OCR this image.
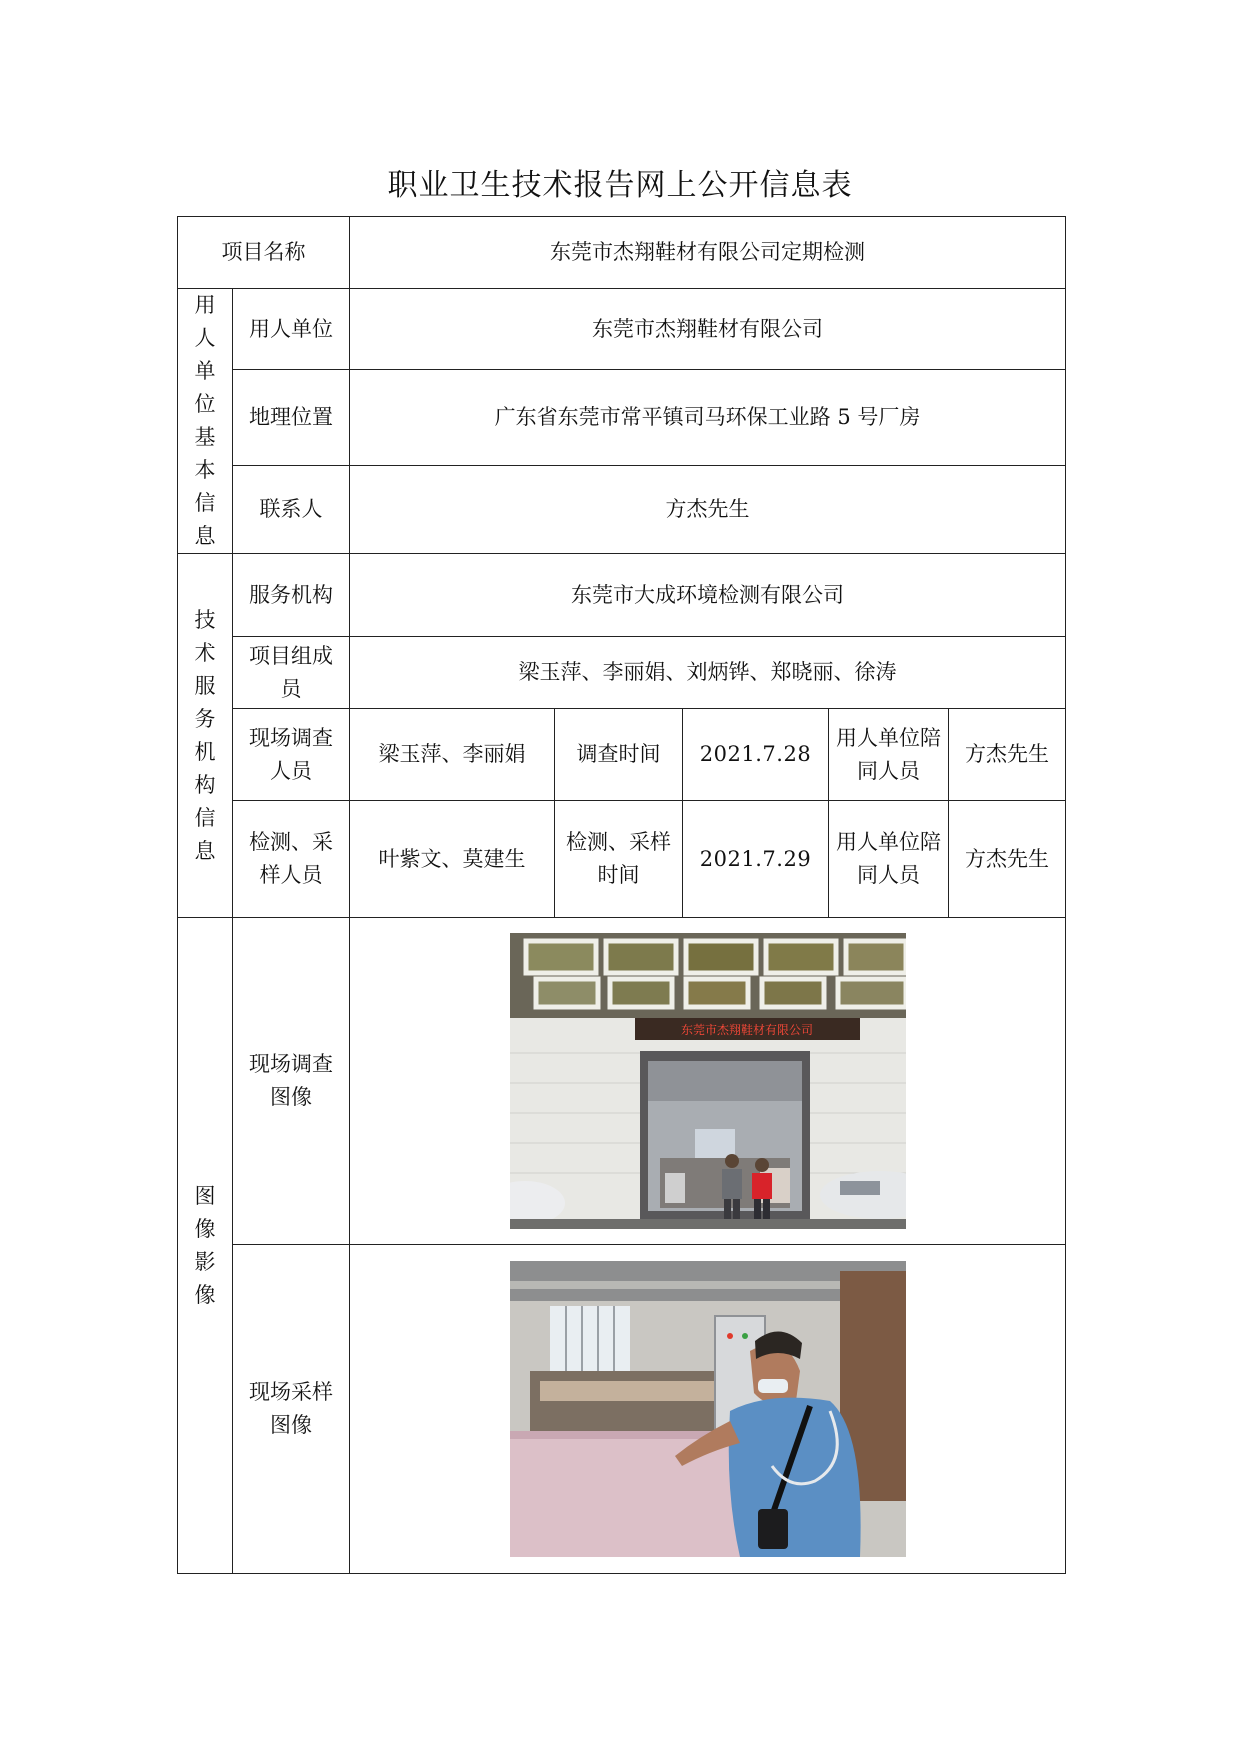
职业卫生技术报告网上公开信息表
项目名称		东莞市杰翔鞋材有限公司定期检测				
用人单位基本信息	用人单位	东莞市杰翔鞋材有限公司				
	地理位置	广东省东莞市常平镇司马环保工业路 5 号厂房				
	联系人	方杰先生				
技术服务机构信息	服务机构	东莞市大成环境检测有限公司				
	项目组成员	梁玉萍、李丽娟、刘炳铧、郑晓丽、徐涛				
	现场调查人员	梁玉萍、李丽娟	调查时间	2021.7.28	用人单位陪同人员	方杰先生
	检测、采样人员	叶紫文、莫建生	检测、采样时间	2021.7.29	用人单位陪同人员	方杰先生
图像影像	现场调查图像	东莞市杰翔鞋材有限公司				

	现场采样图像	
